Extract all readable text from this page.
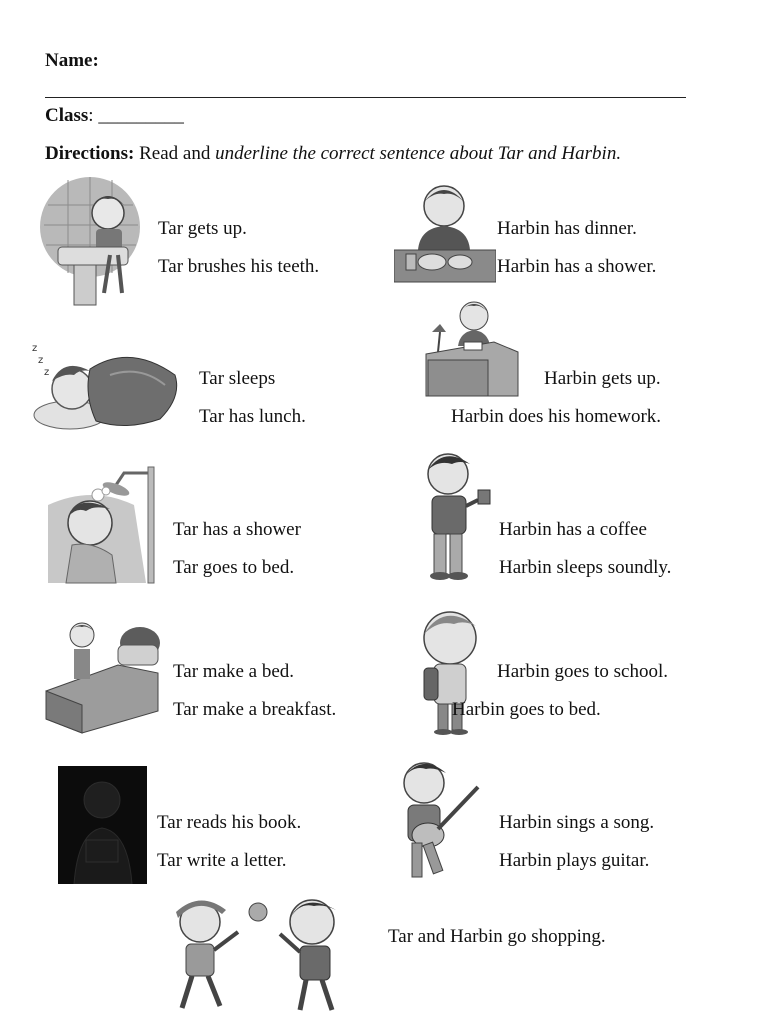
Name:
Class: _________
Directions: Read and underline the correct sentence about Tar and Harbin.
Tar gets up.
Tar brushes his teeth.
z
z
z	Tar sleeps
Tar has lunch.
Tar has a shower
Tar goes to bed.
Tar make a bed.
Tar make a breakfast.
Tar reads his book.
Tar write a letter.
Harbin has dinner.
Harbin has a shower.
Harbin gets up.
Harbin does his homework.
Harbin has a coffee
Harbin sleeps soundly.
Harbin goes to school.
Harbin goes to bed.
Harbin sings a song.
Harbin plays guitar.
Tar and Harbin go shopping.
